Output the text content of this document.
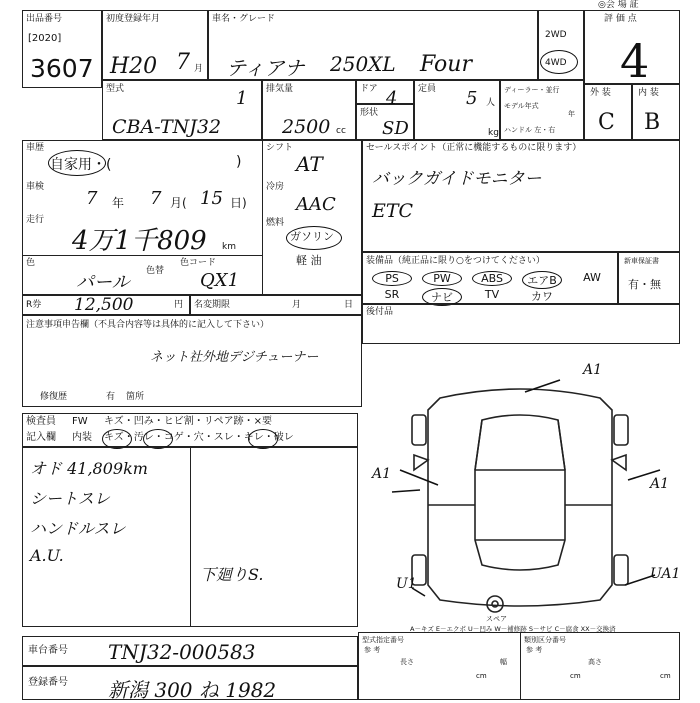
出品番号
[2020]
3607
初度登録年月
H20 7 月
車名・グレード
ティアナ 250XL Four
2WD
4WD
評 価 点
4
◎会 場 証
型式	1
CBA-TNJ32
排気量
2500 cc
ドア 4
形状
SD
定員 5 人
kg
ディーラー・並行
モデル年式
年
ハンドル 左・右
外 装	内 装
C B
車歴
自家用・(	)
車検
7 年 7 月( 15 日)
走行
4万1千809 km
色
パール
色替
色コード
QX1
シフト
AT
冷房
AAC
燃料
ガソリン
軽 油
R券 12,500	円 名変期限	月	日
セールスポイント（正常に機能するものに限ります）
バックガイドモニター
ETC
装備品（純正品に限り○をつけてください）
PS	PW	ABS	エアB	AW
SR	ナビ	TV	カワ
新車保証書
有・無
後付品
注意事項申告欄（不具合内容等は具体的に記入して下さい）
ネット社外地デジチューナー
修復歴	有 箇所
検査員 FW キズ・凹み・ヒビ割・リペア跡・×要
記入欄 内装 キズ・汚レ・コゲ・穴・スレ・キレ・破レ
オド 41,809km
シートスレ
ハンドルスレ
A.U.
下廻りS.
A1
A1
A1
U1
UA1
スペア
A－キズ E－エクボ U－凹み W－補修跡 S－サビ C－腐食 XX－交換済
車台番号 TNJ32-000583
登録番号 新潟 300 ね 1982
型式指定番号
参 考
類別区分番号
参 考
長さ
cm
幅
cm
高さ
cm
